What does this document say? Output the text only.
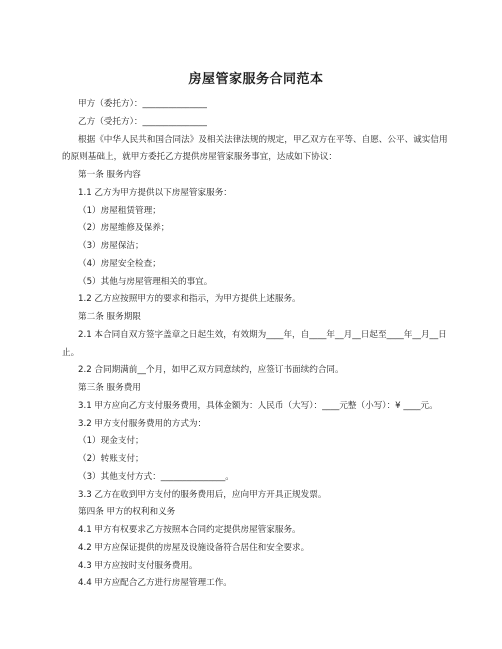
房屋管家服务合同范本

甲方（委托方）：_______________

乙方（受托方）：_______________

根据《中华人民共和国合同法》及相关法律法规的规定，甲乙双方在平等、自愿、公平、诚实信用的原则基础上，就甲方委托乙方提供房屋管家服务事宜，达成如下协议：

第一条 服务内容

1.1 乙方为甲方提供以下房屋管家服务：

（1）房屋租赁管理；

（2）房屋维修及保养；

（3）房屋保洁；

（4）房屋安全检查；

（5）其他与房屋管理相关的事宜。

1.2 乙方应按照甲方的要求和指示，为甲方提供上述服务。

第二条 服务期限

2.1 本合同自双方签字盖章之日起生效，有效期为____年，自____年__月__日起至____年__月__日止。

2.2 合同期满前__个月，如甲乙双方同意续约，应签订书面续约合同。

第三条 服务费用

3.1 甲方应向乙方支付服务费用，具体金额为：人民币（大写）：____元整（小写）：¥ ____元。

3.2 甲方支付服务费用的方式为：

（1）现金支付；

（2）转账支付；

（3）其他支付方式：_______________。

3.3 乙方在收到甲方支付的服务费用后，应向甲方开具正规发票。

第四条 甲方的权利和义务

4.1 甲方有权要求乙方按照本合同约定提供房屋管家服务。

4.2 甲方应保证提供的房屋及设施设备符合居住和安全要求。

4.3 甲方应按时支付服务费用。

4.4 甲方应配合乙方进行房屋管理工作。
